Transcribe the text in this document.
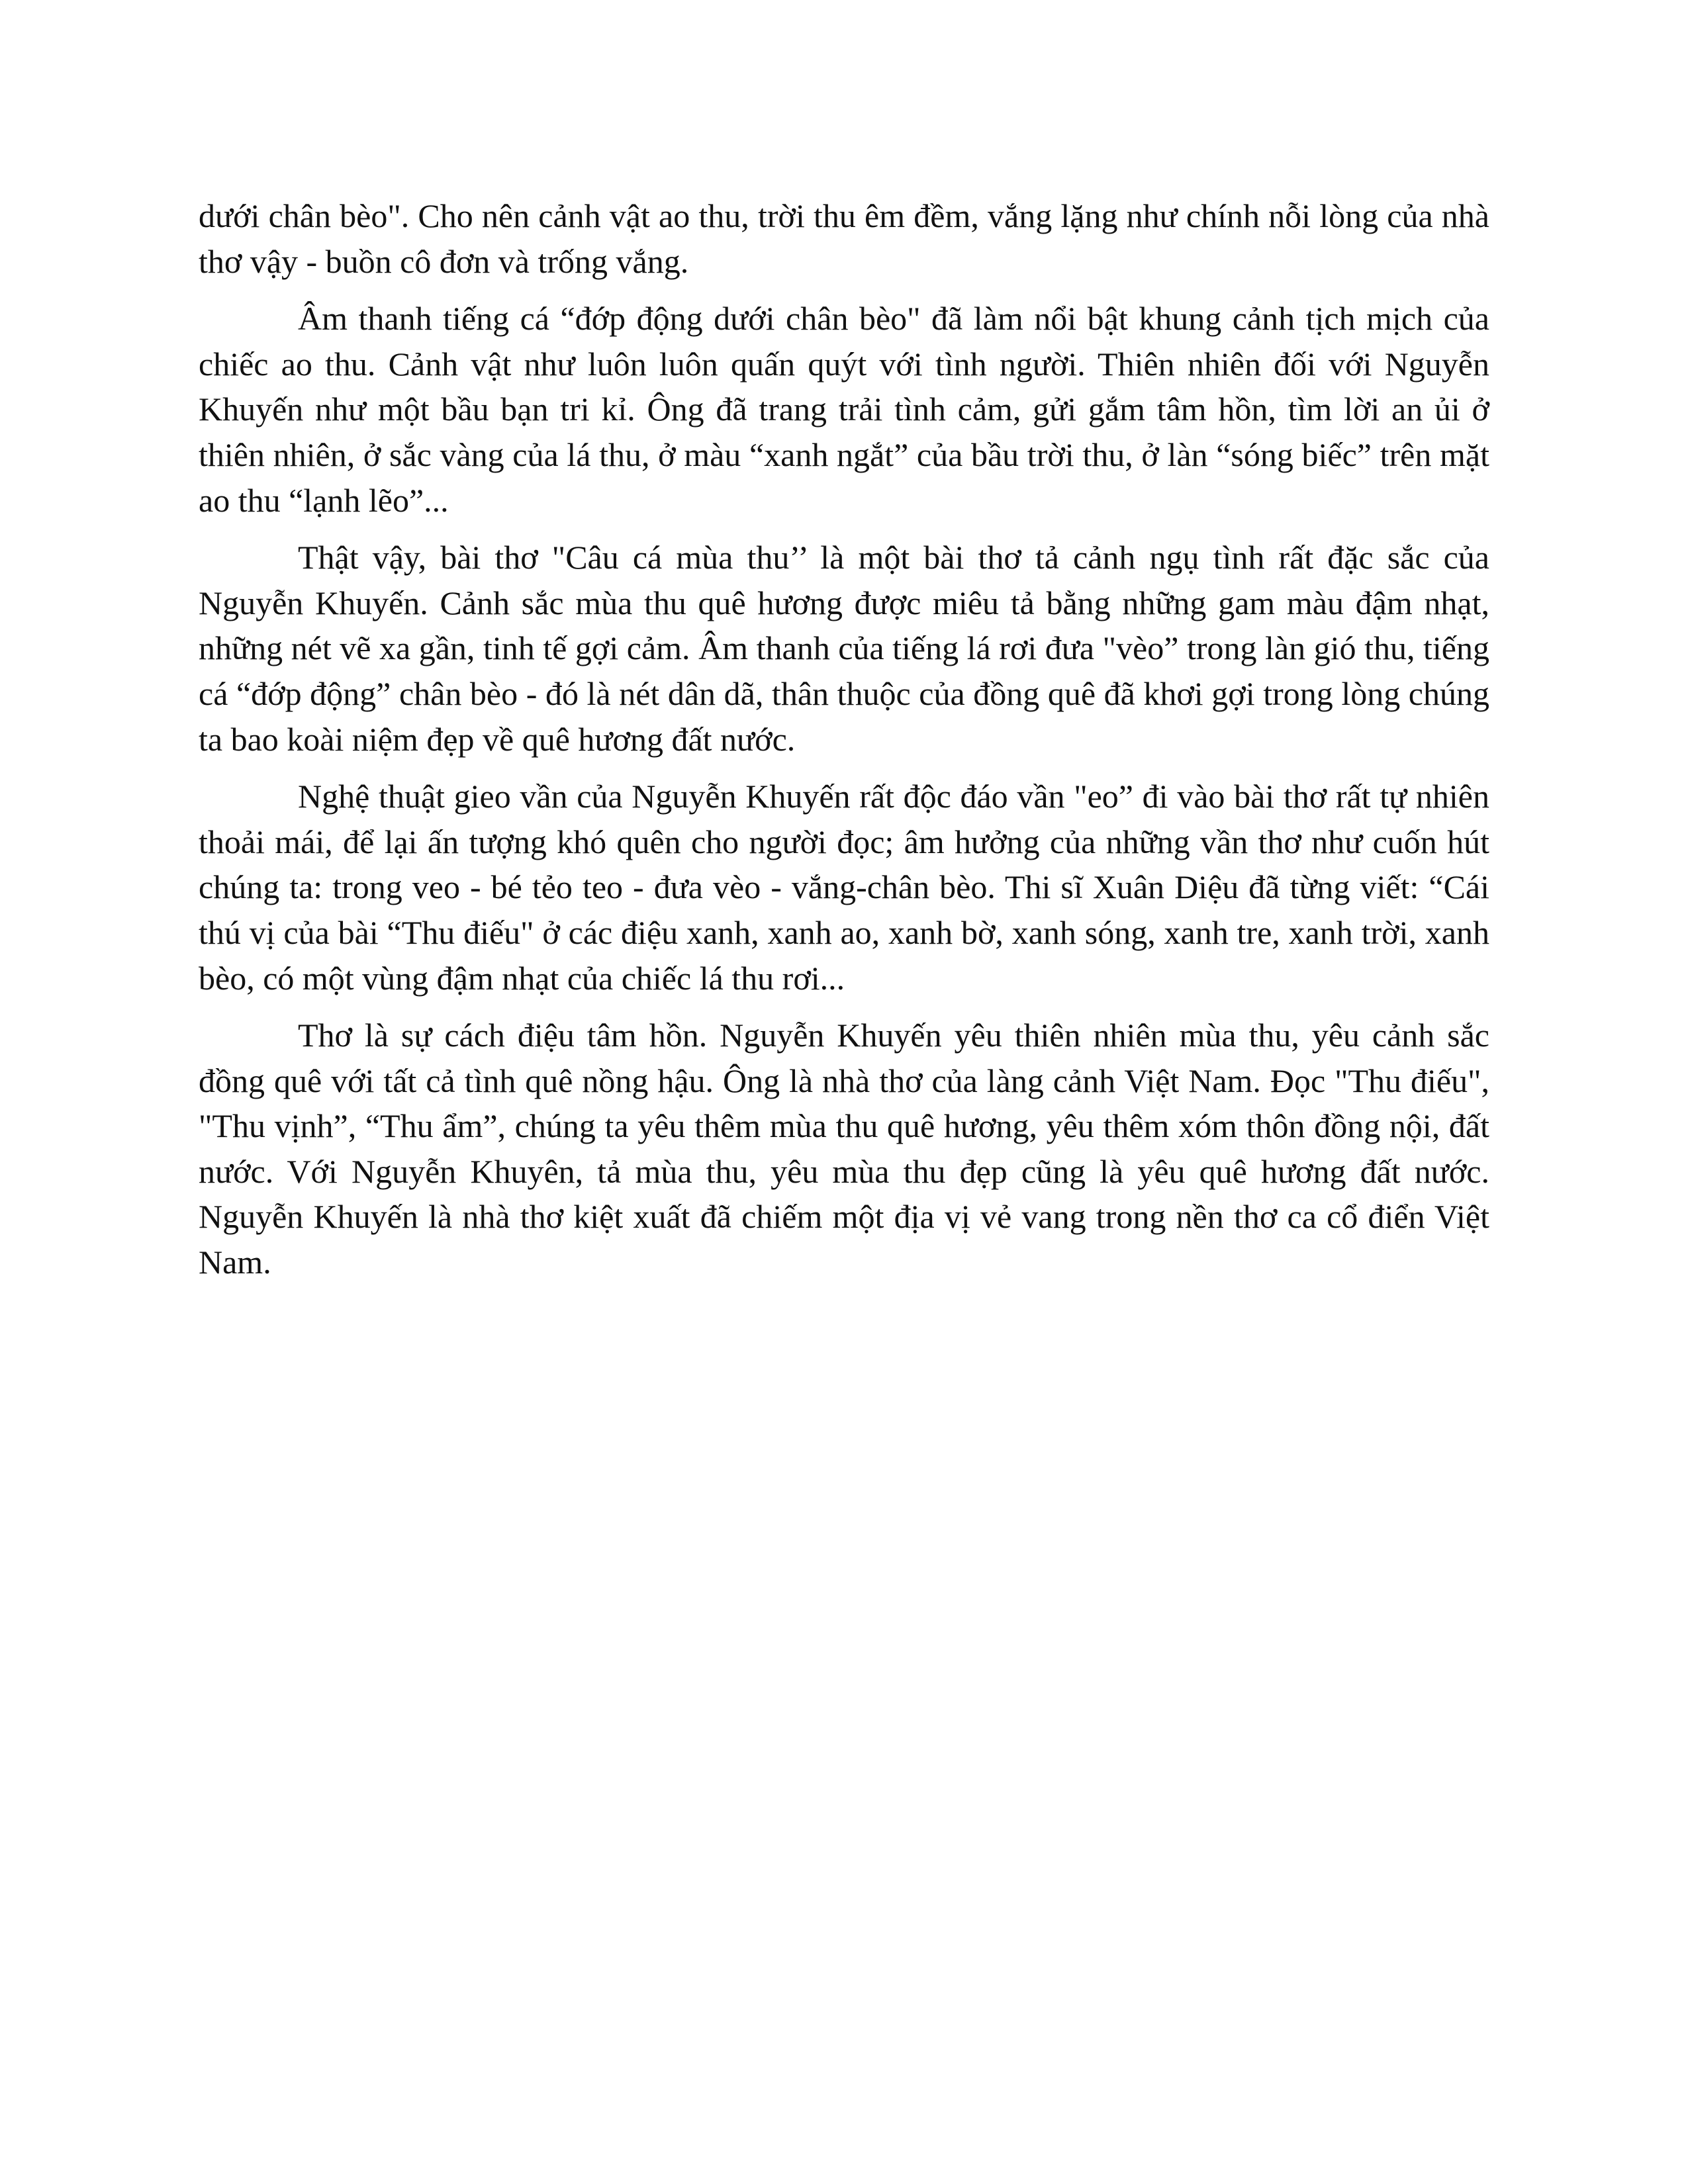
dưới chân bèo". Cho nên cảnh vật ao thu, trời thu êm đềm, vắng lặng như chính nỗi lòng của nhà thơ vậy - buồn cô đơn và trống vắng.

Âm thanh tiếng cá “đớp động dưới chân bèo" đã làm nổi bật khung cảnh tịch mịch của chiếc ao thu. Cảnh vật như luôn luôn quấn quýt với tình người. Thiên nhiên đối với Nguyễn Khuyến như một bầu bạn tri kỉ. Ông đã trang trải tình cảm, gửi gắm tâm hồn, tìm lời an ủi ở thiên nhiên, ở sắc vàng của lá thu, ở màu “xanh ngắt” của bầu trời thu, ở làn “sóng biếc” trên mặt ao thu “lạnh lẽo”...

Thật vậy, bài thơ "Câu cá mùa thu’’ là một bài thơ tả cảnh ngụ tình rất đặc sắc của Nguyễn Khuyến. Cảnh sắc mùa thu quê hương được miêu tả bằng những gam màu đậm nhạt, những nét vẽ xa gần, tinh tế gợi cảm. Âm thanh của tiếng lá rơi đưa "vèo” trong làn gió thu, tiếng cá “đớp động” chân bèo - đó là nét dân dã, thân thuộc của đồng quê đã khơi gợi trong lòng chúng ta bao koài niệm đẹp về quê hương đất nước.

Nghệ thuật gieo vần của Nguyễn Khuyến rất độc đáo vần "eo” đi vào bài thơ rất tự nhiên thoải mái, để lại ấn tượng khó quên cho người đọc; âm hưởng của những vần thơ như cuốn hút chúng ta: trong veo - bé tẻo teo - đưa vèo - vắng-chân bèo. Thi sĩ Xuân Diệu đã từng viết: “Cái thú vị của bài “Thu điếu" ở các điệu xanh, xanh ao, xanh bờ, xanh sóng, xanh tre, xanh trời, xanh bèo, có một vùng đậm nhạt của chiếc lá thu rơi...

Thơ là sự cách điệu tâm hồn. Nguyễn Khuyến yêu thiên nhiên mùa thu, yêu cảnh sắc đồng quê với tất cả tình quê nồng hậu. Ông là nhà thơ của làng cảnh Việt Nam. Đọc "Thu điếu", "Thu vịnh”, “Thu ẩm”, chúng ta yêu thêm mùa thu quê hương, yêu thêm xóm thôn đồng nội, đất nước. Với Nguyễn Khuyên, tả mùa thu, yêu mùa thu đẹp cũng là yêu quê hương đất nước. Nguyễn Khuyến là nhà thơ kiệt xuất đã chiếm một địa vị vẻ vang trong nền thơ ca cổ điển Việt Nam.
